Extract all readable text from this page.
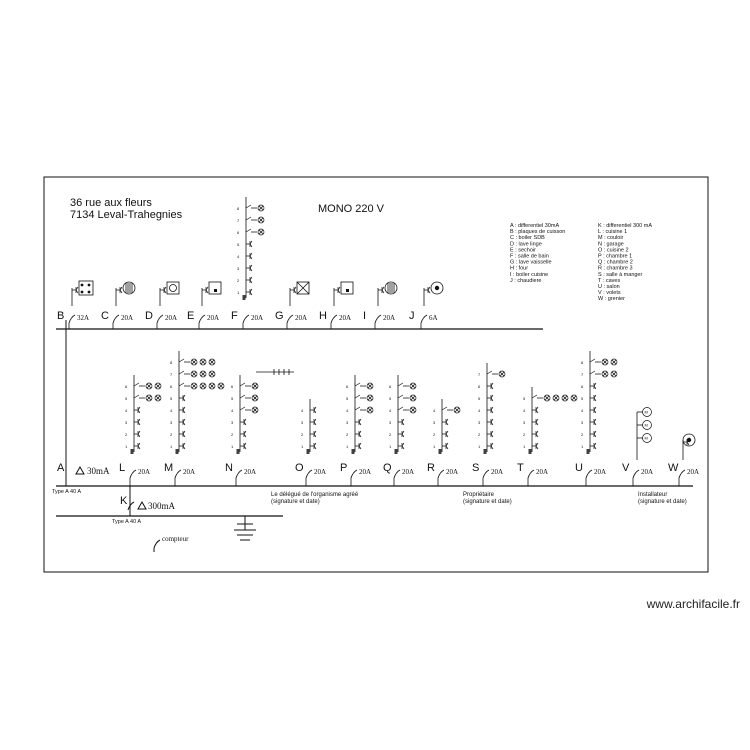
36 rue aux fleurs
7134 Leval-Trahegnies	MONO 220 V
A : differentiel 30mA
B : plaques de cuisson
C : boiler SDB
D : lave linge
E : sechoir
F : salle de bain
G : lave vaisselle
H : four
I : boiler cuisine
J : chaudiere
K : differentiel 300 mA
L : cuisine 1
M : couloir
N : garage
O : cuisine 2
P : chambre 1
Q : chambre 2
R : chambre 3
S : salle à manger
T : caves
U : salon
V : volets
W : grenier
B 32A C 20A D 20A E 20A F 20A
1
2
3
4
5
6
7
8
G 20A H 20A I 20A J 6A
A	30mA L 20A
1
2
3
4
5
6
M 20A
1
2
3
4
5
6
7
8
N 20A
1
2
3
4
5
6
O 20A
1
2
3
4
P 20A
1
2
3
4
5
6
Q 20A
1
2
3
4
5
6
R 20A
1
2
3
4
S 20A
1
2
3
4
5
6
7
T 20A
1
2
3
4
5
U 20A
1
2
3
4
5
6
7
8
V 20A
M
M
M
W 20A
K 300mA
Type A 40 A
Type A 40 A
compteur
Le délégué de l'organisme agréé
(signature et date)
Propriétaire
(signature et date)
Installateur
(signature et date)
www.archifacile.fr
